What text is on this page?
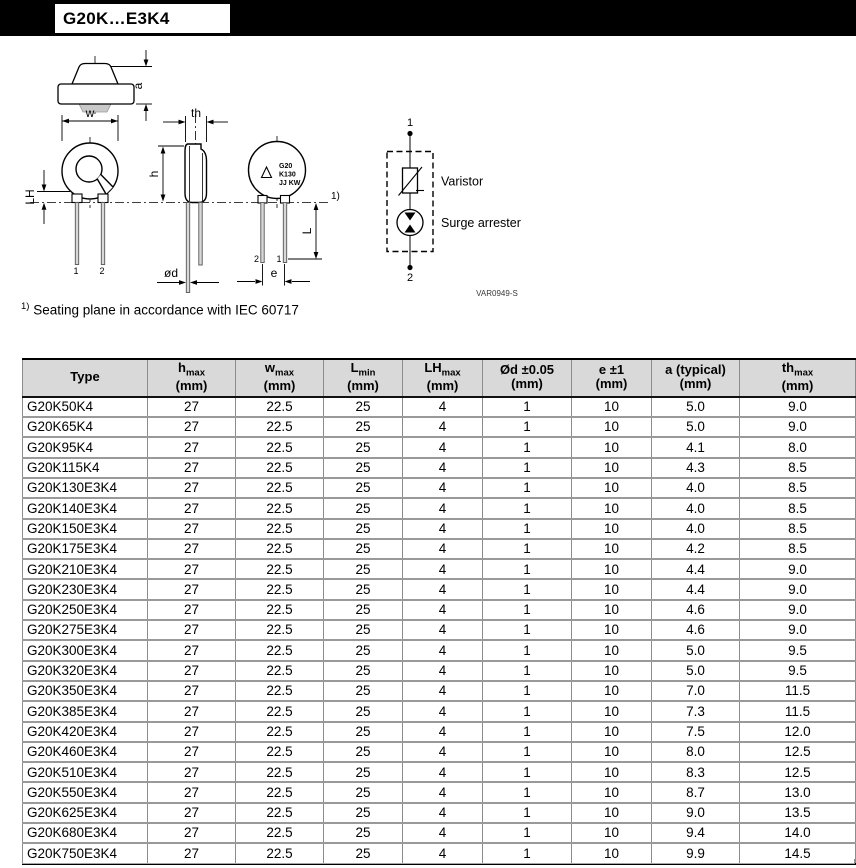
G20K…E3K4
a
1 2
w
LH
th
h
ød
G20
K130
JJ KW
2 1
1)
L
e
1
2
Varistor
Surge arrester
VAR0949-S
$^{1)}$ Seating plane in accordance with IEC 60717
Type	
$h_{max}$
(mm)

$w_{max}$
(mm)

$L_{min}$
(mm)

$LH_{max}$
(mm)

Ød ±0.05
(mm)

e ±1
(mm)

a (typical)
(mm)

$th_{max}$
(mm)

G20K50K4	27	22.5	25	4	1	10	5.0	9.0
G20K65K4	27	22.5	25	4	1	10	5.0	9.0
G20K95K4	27	22.5	25	4	1	10	4.1	8.0
G20K115K4	27	22.5	25	4	1	10	4.3	8.5
G20K130E3K4	27	22.5	25	4	1	10	4.0	8.5
G20K140E3K4	27	22.5	25	4	1	10	4.0	8.5
G20K150E3K4	27	22.5	25	4	1	10	4.0	8.5
G20K175E3K4	27	22.5	25	4	1	10	4.2	8.5
G20K210E3K4	27	22.5	25	4	1	10	4.4	9.0
G20K230E3K4	27	22.5	25	4	1	10	4.4	9.0
G20K250E3K4	27	22.5	25	4	1	10	4.6	9.0
G20K275E3K4	27	22.5	25	4	1	10	4.6	9.0
G20K300E3K4	27	22.5	25	4	1	10	5.0	9.5
G20K320E3K4	27	22.5	25	4	1	10	5.0	9.5
G20K350E3K4	27	22.5	25	4	1	10	7.0	11.5
G20K385E3K4	27	22.5	25	4	1	10	7.3	11.5
G20K420E3K4	27	22.5	25	4	1	10	7.5	12.0
G20K460E3K4	27	22.5	25	4	1	10	8.0	12.5
G20K510E3K4	27	22.5	25	4	1	10	8.3	12.5
G20K550E3K4	27	22.5	25	4	1	10	8.7	13.0
G20K625E3K4	27	22.5	25	4	1	10	9.0	13.5
G20K680E3K4	27	22.5	25	4	1	10	9.4	14.0
G20K750E3K4	27	22.5	25	4	1	10	9.9	14.5
